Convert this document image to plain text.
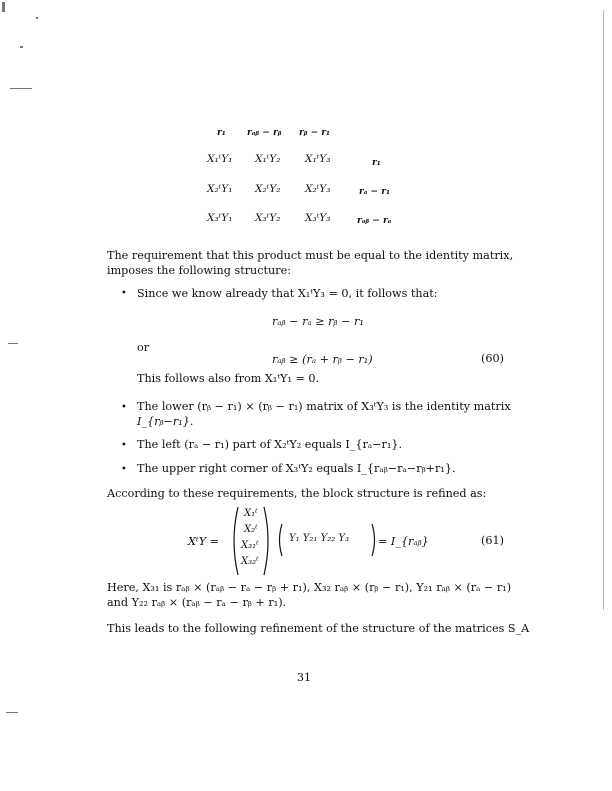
r₁ rₐᵦ − rᵦ rᵦ − r₁
X₁ᵗY₁ X₁ᵗY₂ X₁ᵗY₃	r₁
X₂ᵗY₁ X₂ᵗY₂ X₂ᵗY₃	rₐ − r₁
X₃ᵗY₁ X₃ᵗY₂ X₃ᵗY₃	rₐᵦ − rₐ
The requirement that this product must be equal to the identity matrix,
imposes the following structure:
• Since we know already that X₁ᵗY₃ = 0, it follows that:
rₐᵦ − rₐ ≥ rᵦ − r₁
or
rₐᵦ ≥ (rₐ + rᵦ − r₁)	(60)
This follows also from X₁ᵗY₁ = 0.
• The lower (rᵦ − r₁) × (rᵦ − r₁) matrix of X₃ᵗY₃ is the identity matrix
I_{rᵦ−r₁}.
• The left (rₐ − r₁) part of X₂ᵗY₂ equals I_{rₐ−r₁}.
• The upper right corner of X₃ᵗY₂ equals I_{rₐᵦ−rₐ−rᵦ+r₁}.
According to these requirements, the block structure is refined as:
XᵗY =
X₁ᵗ
X₂ᵗ
X₃₁ᵗ
X₃₂ᵗ
Y₁ Y₂₁ Y₂₂ Y₃	= I_{rₐᵦ}	(61)
Here, X₃₁ is rₐᵦ × (rₐᵦ − rₐ − rᵦ + r₁), X₃₂ rₐᵦ × (rᵦ − r₁), Y₂₁ rₐᵦ × (rₐ − r₁)
and Y₂₂ rₐᵦ × (rₐᵦ − rₐ − rᵦ + r₁).
This leads to the following refinement of the structure of the matrices S_A
31
